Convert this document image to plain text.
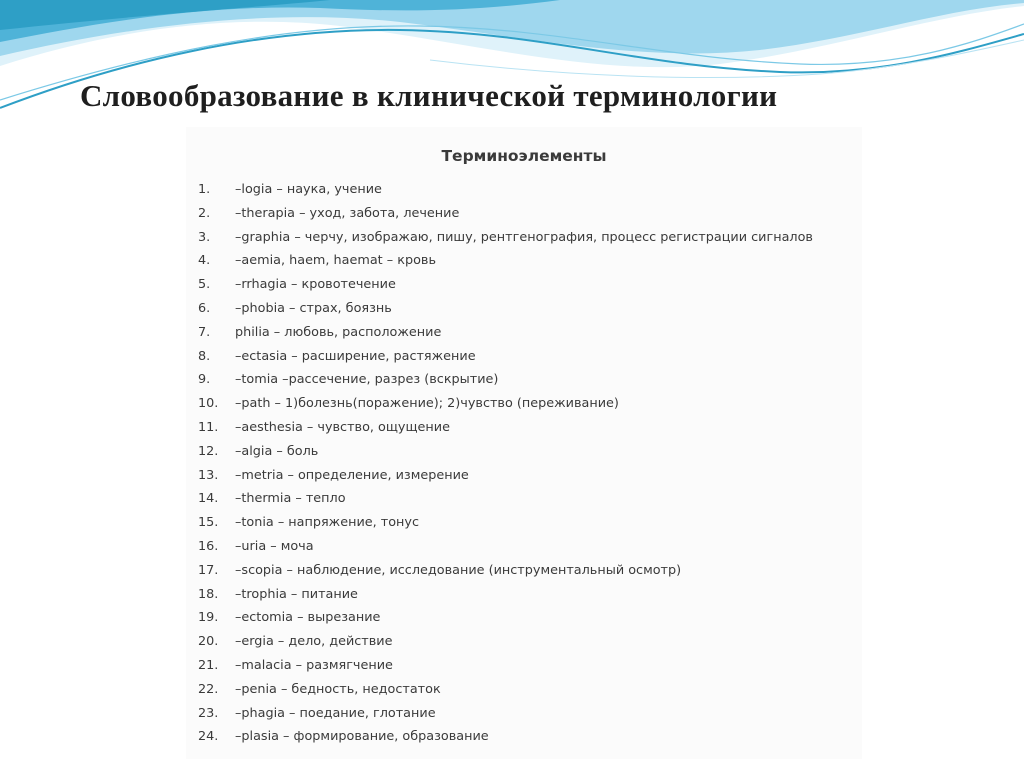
Словообразование в клинической терминологии
Терминоэлементы
1. –logia – наука, учение
2. –therapia – уход, забота, лечение
3. –graphia – черчу, изображаю, пишу, рентгенография, процесс регистрации сигналов
4. –aemia, haem, haemat – кровь
5. –rrhagia – кровотечение
6. –phobia – страх, боязнь
7. philia – любовь, расположение
8. –ectasia – расширение, растяжение
9. –tomia –рассечение, разрез (вскрытие)
10. –path – 1)болезнь(поражение); 2)чувство (переживание)
11. –aesthesia – чувство, ощущение
12. –algia – боль
13. –metria – определение, измерение
14. –thermia – тепло
15. –tonia – напряжение, тонус
16. –uria – моча
17. –scopia – наблюдение, исследование (инструментальный осмотр)
18. –trophia – питание
19. –ectomia – вырезание
20. –ergia – дело, действие
21. –malacia – размягчение
22. –penia – бедность, недостаток
23. –phagia – поедание, глотание
24. –plasia – формирование, образование
